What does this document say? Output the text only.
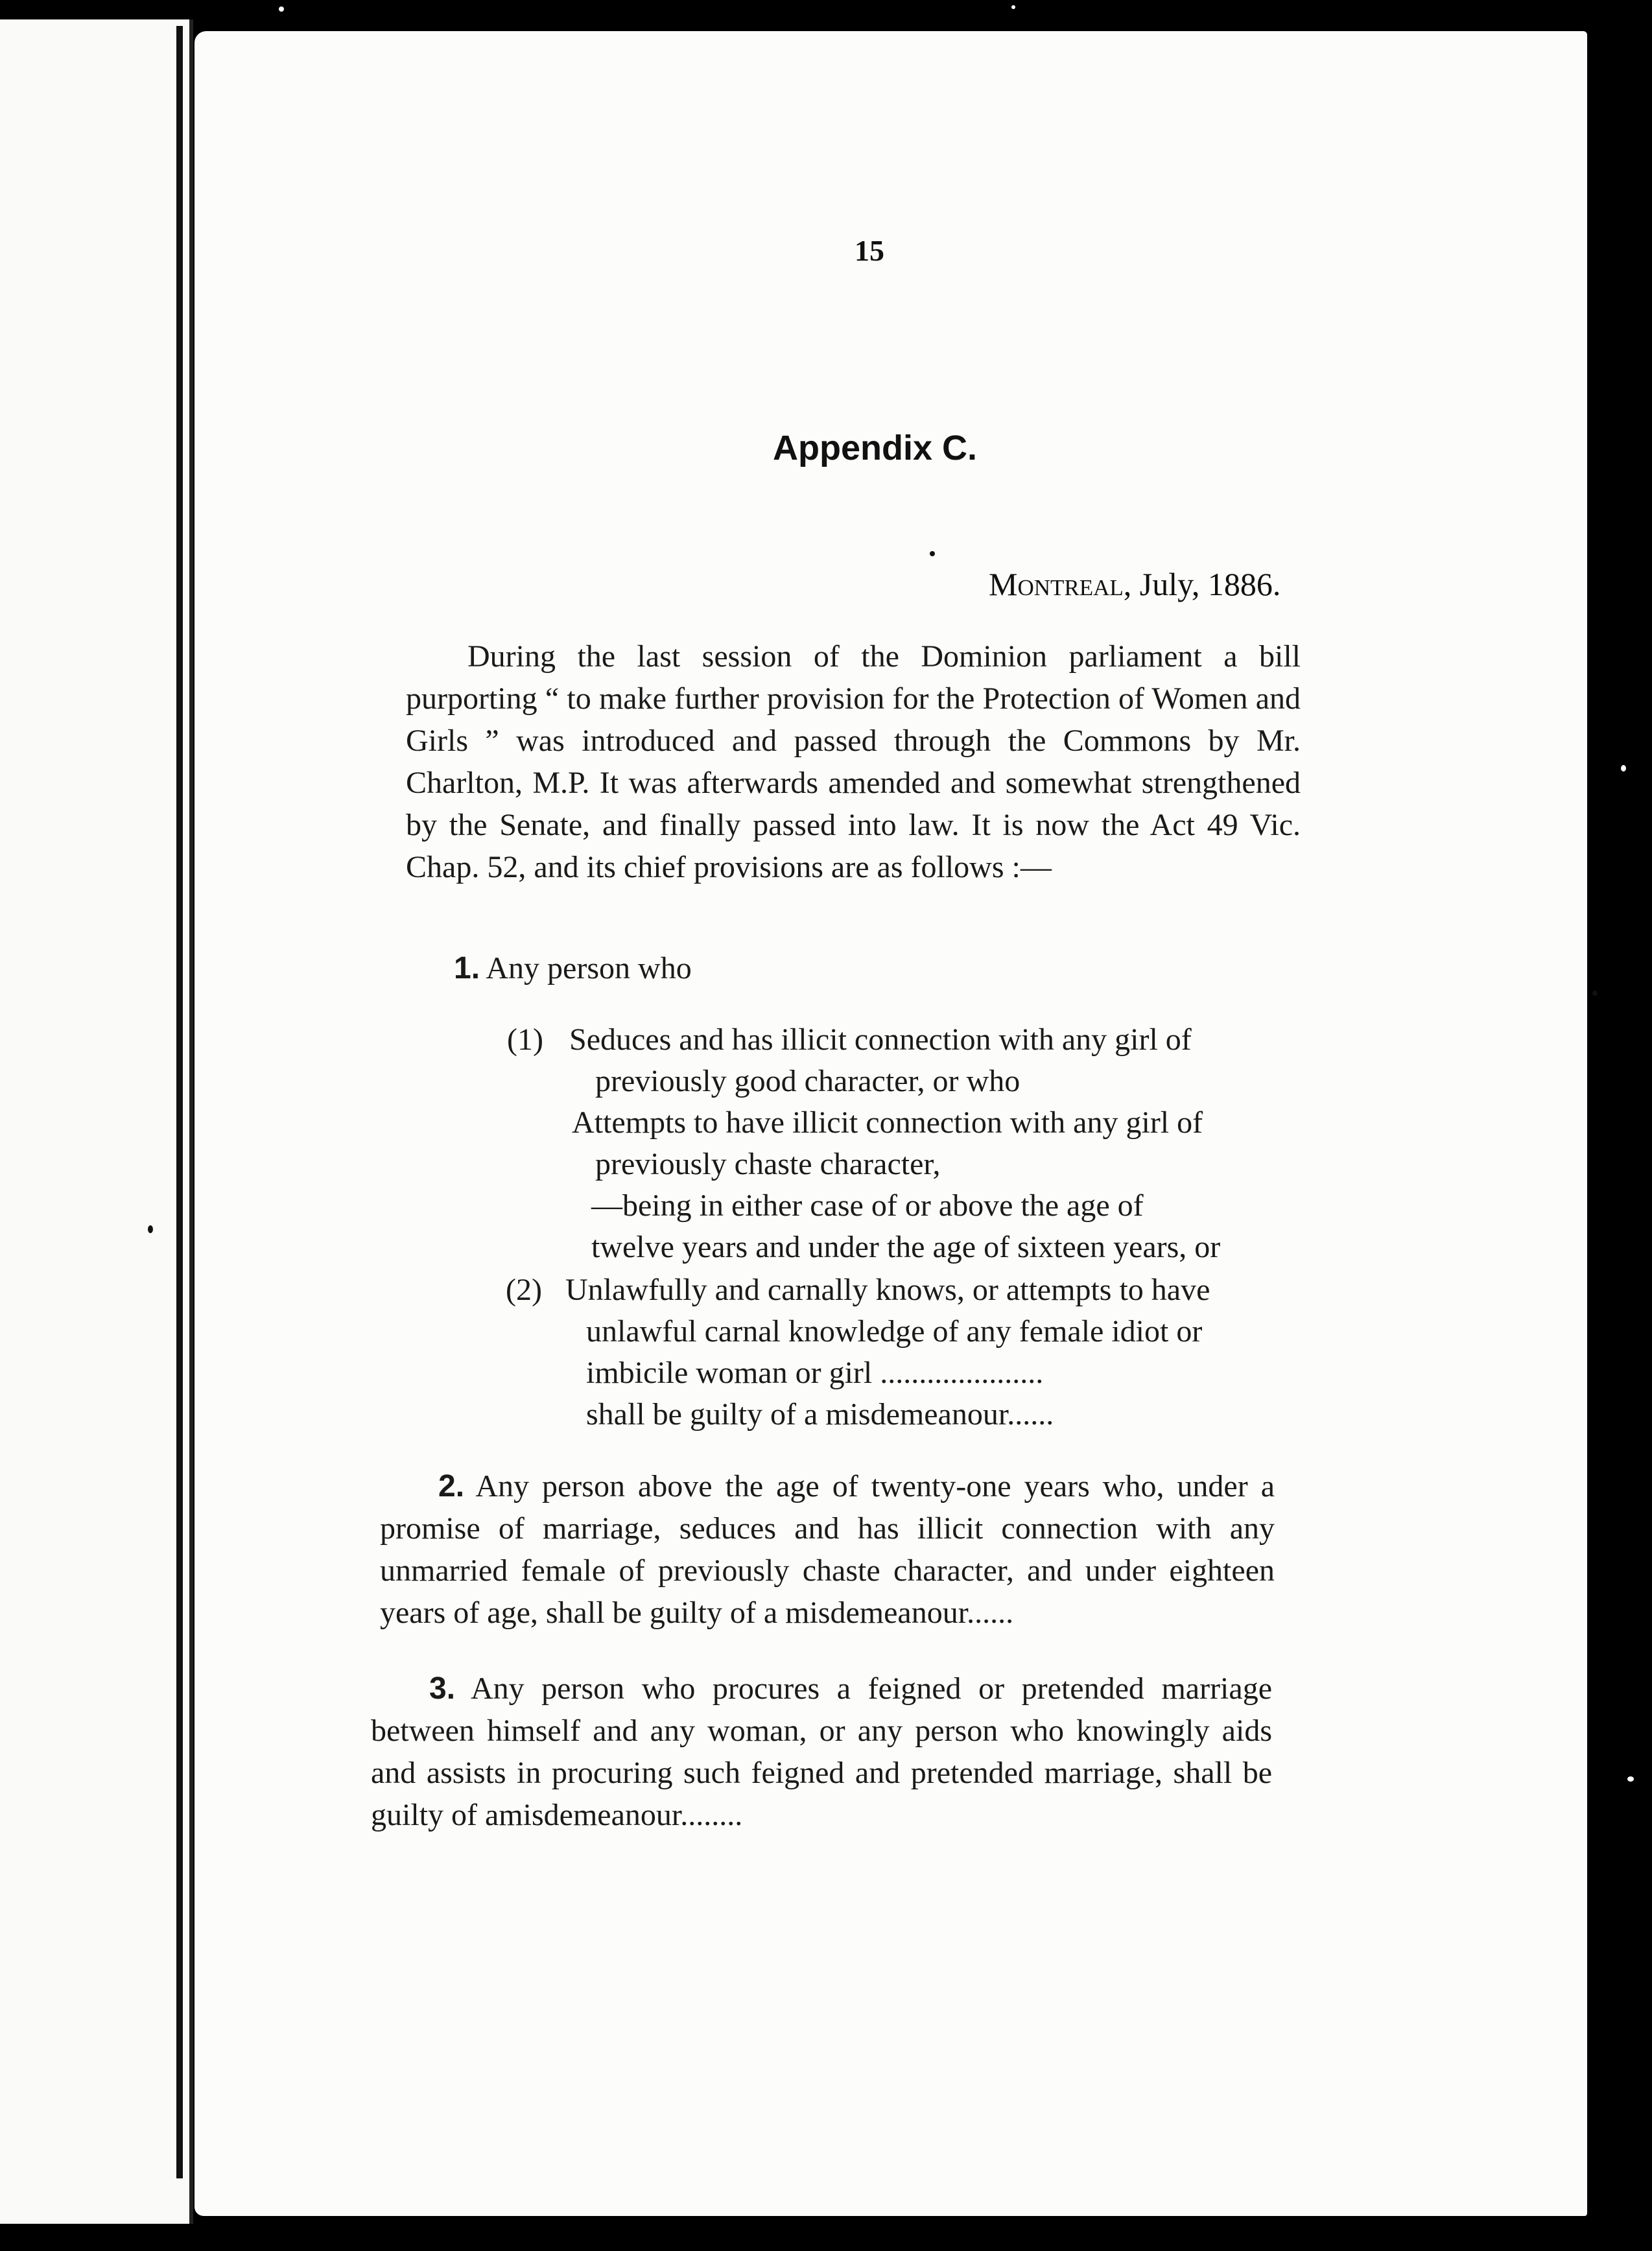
15
Appendix C.
Montreal, July, 1886.

During the last session of the Dominion parliament a bill purporting “ to make further provision for the Protection of Women and Girls ” was introduced and passed through the Commons by Mr. Charlton, M.P. It was afterwards amended and somewhat strengthened by the Senate, and finally passed into law. It is now the Act 49 Vic. Chap. 52, and its chief provisions are as follows :—

1. Any person who
(1) Seduces and has illicit connection with any girl of
previously good character, or who
Attempts to have illicit connection with any girl of
previously chaste character,
—being in either case of or above the age of
twelve years and under the age of sixteen years, or
(2) Unlawfully and carnally knows, or attempts to have
unlawful carnal knowledge of any female idiot or
imbicile woman or girl .....................
shall be guilty of a misdemeanour......

2. Any person above the age of twenty-one years who, under a promise of marriage, seduces and has illicit connection with any unmarried female of previously chaste character, and under eighteen years of age, shall be guilty of a misdemeanour......

3. Any person who procures a feigned or pretended marriage between himself and any woman, or any person who knowingly aids and assists in procuring such feigned and pretended marriage, shall be guilty of amisdemeanour........
